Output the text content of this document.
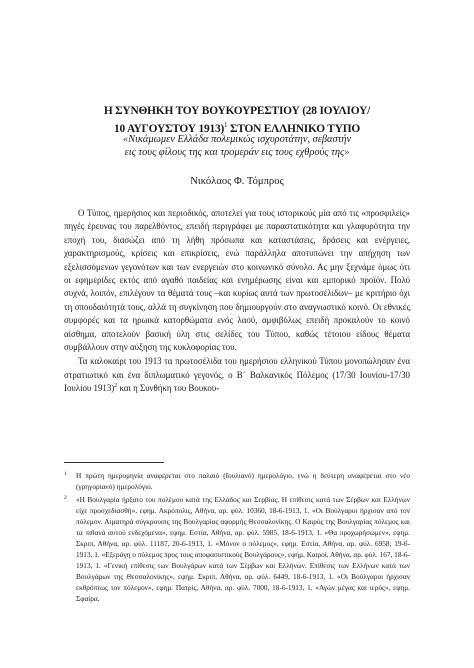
Η ΣΥΝΘΗΚΗ ΤΟΥ ΒΟΥΚΟΥΡΕΣΤΙΟΥ (28 ΙΟΥΛΙΟΥ/
10 ΑΥΓΟΥΣΤΟΥ 1913)$^1$ ΣΤΟΝ ΕΛΛΗΝΙΚΟ ΤΥΠΟ
«Νικάμωμεν Ελλάδα πολεμικώς ισχυροτάτην, σεβαστήν
εις τους φίλους της και τρομεράν εις τους εχθρούς της»
Νικόλαος Φ. Τόμπρος

Ο Τύπος, ημερήσιος και περιοδικός, αποτελεί για τους ιστορικούς μία από τις «προσφιλείς» πηγές έρευνας του παρελθόντος, επειδή περιγράφει με παραστατικότητα και γλαφυρότητα την εποχή του, διασώζει από τη λήθη πρόσωπα και καταστάσεις, δράσεις και ενέργειες, χαρακτηρισμούς, κρίσεις και επικρίσεις, ενώ παράλληλα αποτυπώνει την απήχηση των εξελισσόμενων γεγονότων και των ενεργειών στο κοινωνικό σύνολο. Ας μην ξεχνάμε όμως ότι οι εφημερίδες εκτός από αγαθό παιδείας και ενημέρωσης είναι και εμπορικό προϊόν. Πολύ συχνά, λοιπόν, επιλέγουν τα θέματά τους –και κυρίως αυτά των πρωτοσέλιδων– με κριτήριο όχι τη σπουδαιότητά τους, αλλά τη συγκίνηση που δημιουργούν στο αναγνωστικό κοινό. Οι εθνικές συμφορές και τα ηρωικά κατορθώματα ενός λαού, αμφιβόλως επειδή προκαλούν το κοινό αίσθημα, αποτελούν βασική ύλη στις σελίδες του Τύπου, καθώς τέτοιου είδους θέματα συμβάλλουν στην αύξηση της κυκλοφορίας του.

Τα καλοκαίρι του 1913 τα πρωτοσέλιδα του ημερήσιου ελληνικού Τύπου μονοπώλησαν ένα στρατιωτικό και ένα διπλωματικό γεγονός, ο Β΄ Βαλκανικός Πόλεμος (17/30 Ιουνίου-17/30 Ιουλίου 1913)$^2$ και η Συνθήκη του Βουκου-

1 Η πρώτη ημερομηνία αναφέρεται στο παλαιό (Ιουλιανό) ημερολόγιο, ενώ η δεύτερη αναφέρεται στο νέο (γρηγοριανό) ημερολόγιο.
2 «Η Βουλγαρία ήρξατο του πολέμου κατά της Ελλάδος και Σερβίας. Η επίθεσις κατά των Σέρβων και Ελλήνων είχε προσχεδιασθή», εφημ. Ακρόπολις, Αθήνα, αρ. φύλ. 10360, 18-6-1913, 1. «Οι Βούλγαροι ήρχισαν από τον πόλεμον. Αιματηρά σύγκρουσις της Βουλγαρίας αφορμής Θεσσαλονίκης. Ο Καιρός της Βουλγαρίας πόλεμος και τα πιθανά αυτού ενδεχόμενα», εφημ. Εστία, Αθήνα, αρ. φύλ. 5985, 18-6-1913, 1. «Θα προχωρήσωμεν», εφημ. Σκριπ, Αθήνα, αρ. φύλ. 11187, 20-6-1913, 1. «Μόνον ο πόλεμος», εφημ. Εστία, Αθήνα, αρ. φύλ. 6958, 19-6-1913, 1. «Εξεράγη ο πόλεμος προς τους αποφασιστικούς Βουλγάρους», εφημ. Καιροί, Αθήνα, αρ. φύλ. 167, 18-6-1913, 1. «Γενική επίθεσις των Βουλγάρων κατά των Σέρβων και Ελλήνων. Επίθεσις των Ελλήνων κατά των Βουλγάρων της Θεσσαλονίκης», εφημ. Σκριπ, Αθήνα, αρ. φύλ. 6449, 18-6-1913, 1. «Οι Βούλγαροι ήρχισαν εκθρόπτως τον πόλεμον», εφημ. Πατρίς, Αθήνα, αρ. φύλ. 7000, 18-6-1913, 1. «Αγών μέγας και ιερός», εφημ. Σφαίρα,
